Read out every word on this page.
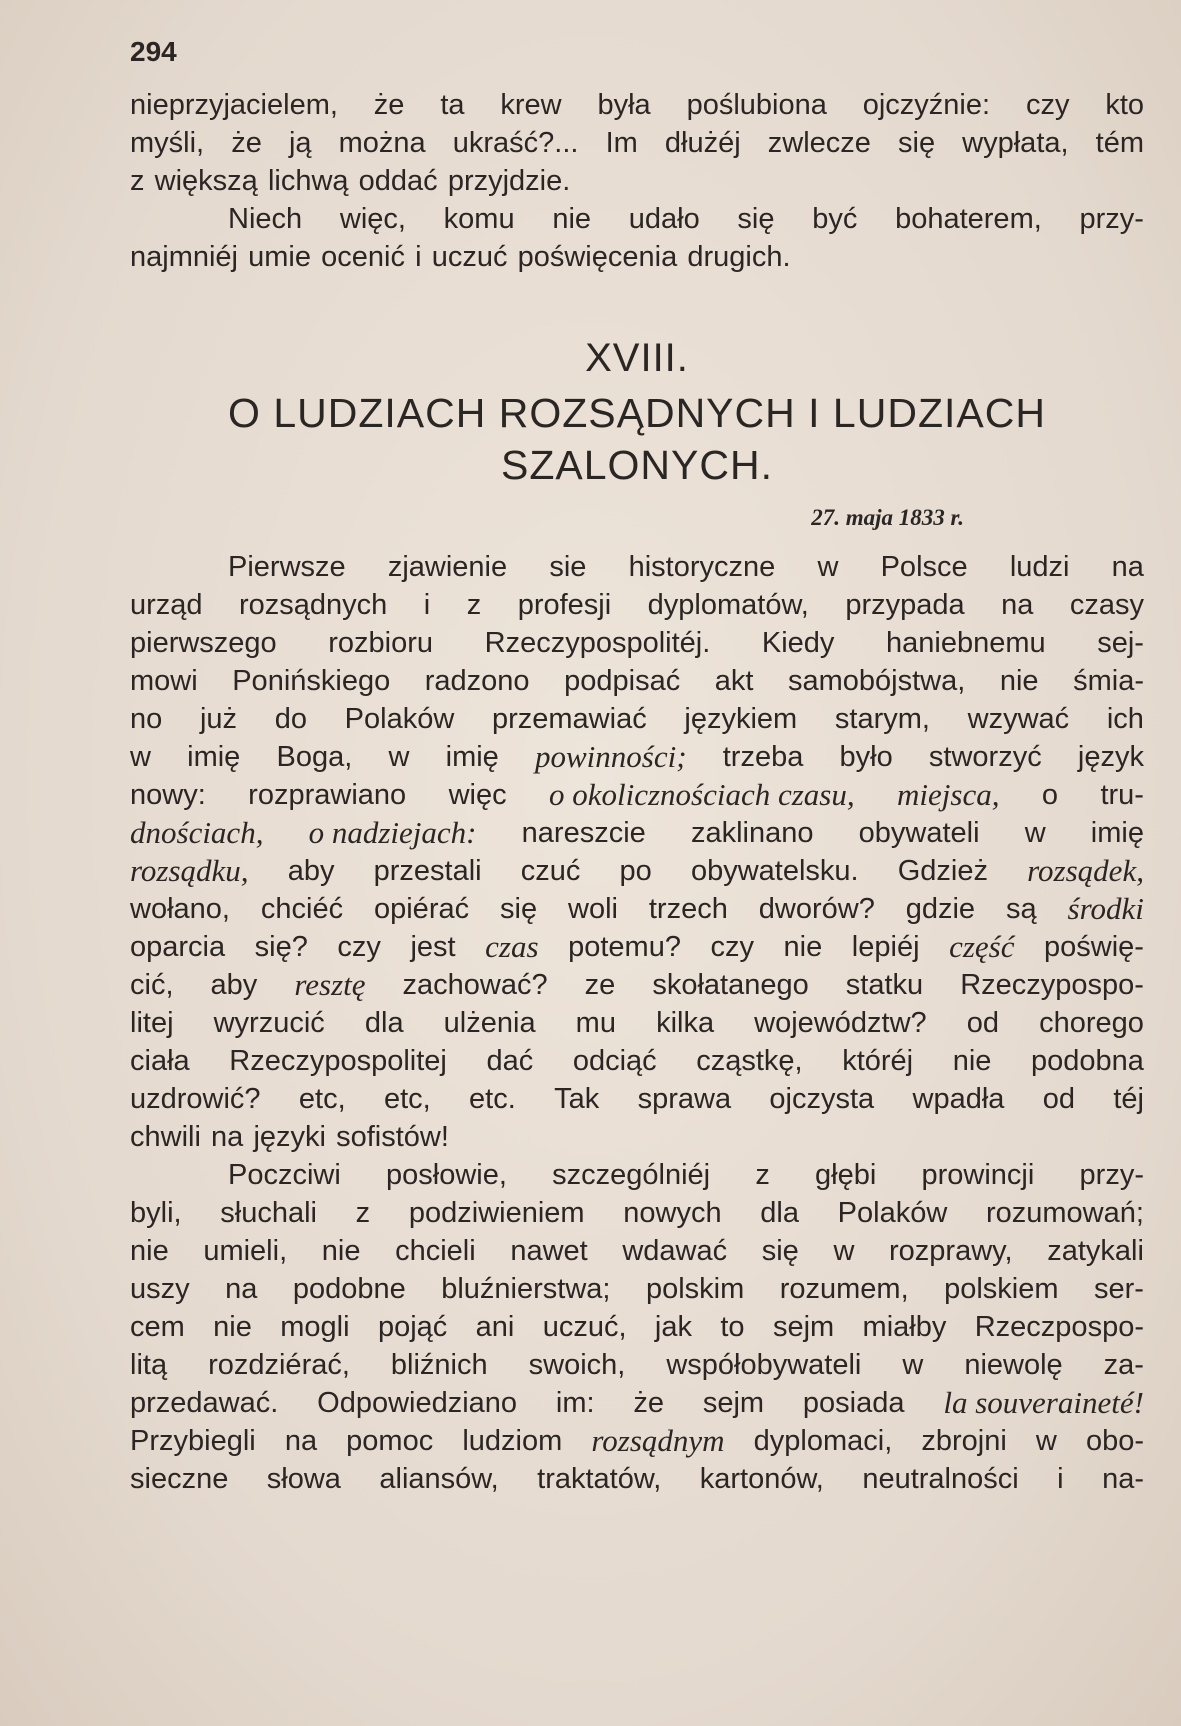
294
nieprzyjacielem, że ta krew była poślubiona ojczyźnie: czy kto
myśli, że ją można ukraść?... Im dłużéj zwlecze się wypłata, tém
z większą lichwą oddać przyjdzie.
Niech więc, komu nie udało się być bohaterem, przy-
najmniéj umie ocenić i uczuć poświęcenia drugich.
XVIII.
O LUDZIACH ROZSĄDNYCH I LUDZIACH
SZALONYCH.
27. maja 1833 r.
Pierwsze zjawienie sie historyczne w Polsce ludzi na
urząd rozsądnych i z profesji dyplomatów, przypada na czasy
pierwszego rozbioru Rzeczypospolitéj. Kiedy haniebnemu sej-
mowi Ponińskiego radzono podpisać akt samobójstwa, nie śmia-
no już do Polaków przemawiać językiem starym, wzywać ich
w imię Boga, w imię powinności; trzeba było stworzyć język
nowy: rozprawiano więc o okolicznościach czasu, miejsca, o tru-
dnościach, o nadziejach: nareszcie zaklinano obywateli w imię
rozsądku, aby przestali czuć po obywatelsku. Gdzież rozsądek,
wołano, chciéć opiérać się woli trzech dworów? gdzie są środki
oparcia się? czy jest czas potemu? czy nie lepiéj część poświę-
cić, aby resztę zachować? ze skołatanego statku Rzeczypospo-
litej wyrzucić dla ulżenia mu kilka województw? od chorego
ciała Rzeczypospolitej dać odciąć cząstkę, któréj nie podobna
uzdrowić? etc, etc, etc. Tak sprawa ojczysta wpadła od téj
chwili na języki sofistów!
Poczciwi posłowie, szczególniéj z głębi prowincji przy-
byli, słuchali z podziwieniem nowych dla Polaków rozumowań;
nie umieli, nie chcieli nawet wdawać się w rozprawy, zatykali
uszy na podobne bluźnierstwa; polskim rozumem, polskiem ser-
cem nie mogli pojąć ani uczuć, jak to sejm miałby Rzeczpospo-
litą rozdziérać, bliźnich swoich, współobywateli w niewolę za-
przedawać. Odpowiedziano im: że sejm posiada la souveraineté!
Przybiegli na pomoc ludziom rozsądnym dyplomaci, zbrojni w obo-
sieczne słowa aliansów, traktatów, kartonów, neutralności i na-
